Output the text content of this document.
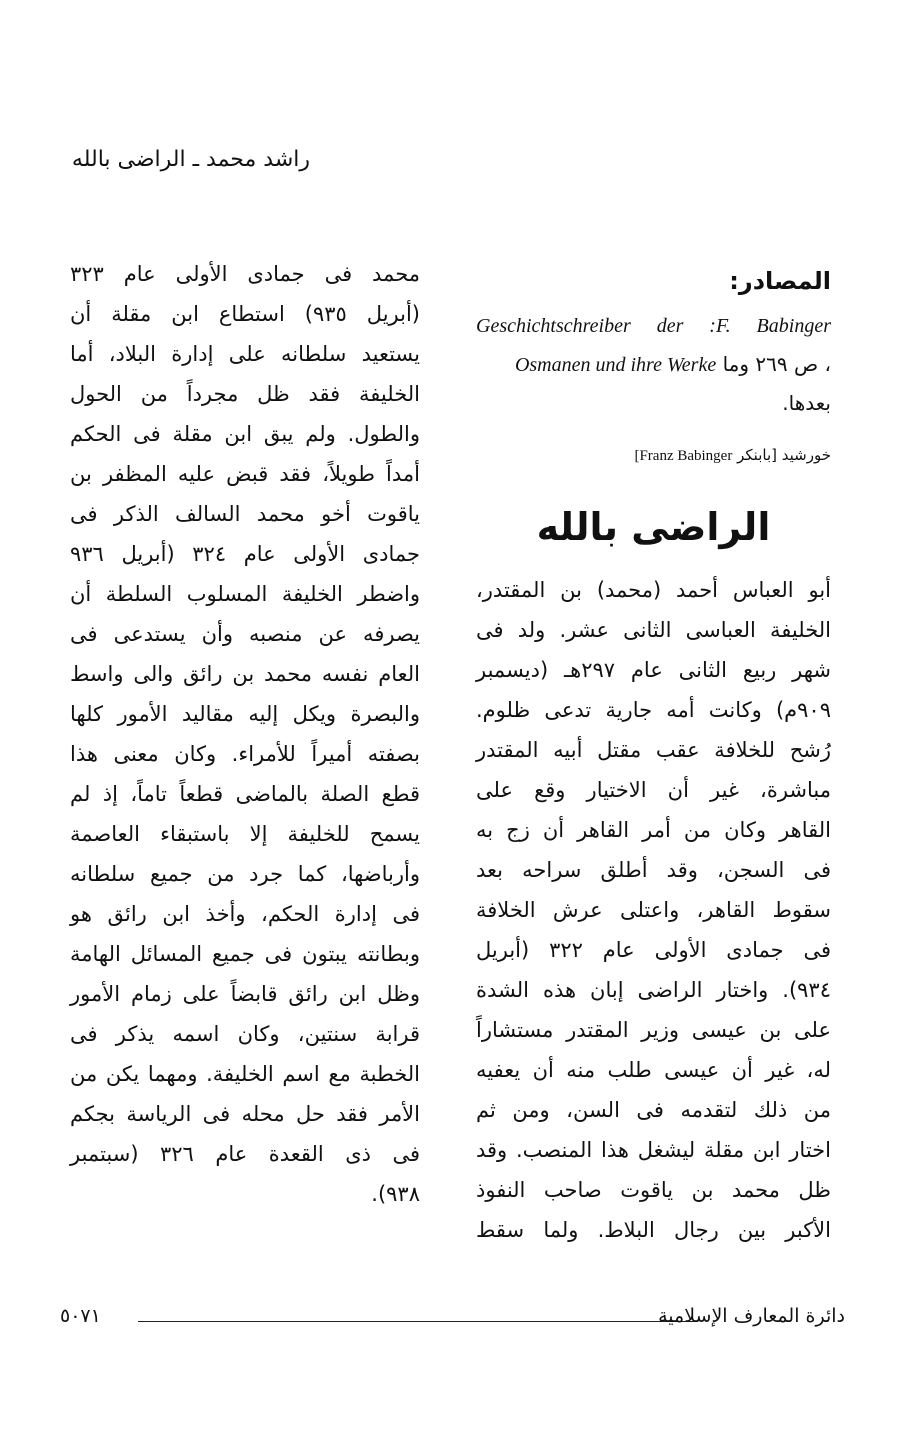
راشد محمد ـ الراضى بالله
المصادر:
Geschichtschreiber der :F. Babinger
، ص ٢٦٩ وما Osmanen und ihre Werke
بعدها.
خورشيد [بابنكر Franz Babinger]
الراضى بالله
أبو العباس أحمد (محمد) بن المقتدر،
الخليفة العباسى الثانى عشر. ولد فى
شهر ربيع الثانى عام ٢٩٧هـ (ديسمبر
٩٠٩م) وكانت أمه جارية تدعى ظلوم.
رُشح للخلافة عقب مقتل أبيه المقتدر
مباشرة، غير أن الاختيار وقع على
القاهر وكان من أمر القاهر أن زج به
فى السجن، وقد أطلق سراحه بعد
سقوط القاهر، واعتلى عرش الخلافة
فى جمادى الأولى عام ٣٢٢ (أبريل
٩٣٤). واختار الراضى إبان هذه الشدة
على بن عيسى وزير المقتدر مستشاراً
له، غير أن عيسى طلب منه أن يعفيه
من ذلك لتقدمه فى السن، ومن ثم
اختار ابن مقلة ليشغل هذا المنصب. وقد
ظل محمد بن ياقوت صاحب النفوذ
الأكبر بين رجال البلاط. ولما سقط
محمد فى جمادى الأولى عام ٣٢٣
(أبريل ٩٣٥) استطاع ابن مقلة أن
يستعيد سلطانه على إدارة البلاد، أما
الخليفة فقد ظل مجرداً من الحول
والطول. ولم يبق ابن مقلة فى الحكم
أمداً طويلاً، فقد قبض عليه المظفر بن
ياقوت أخو محمد السالف الذكر فى
جمادى الأولى عام ٣٢٤ (أبريل ٩٣٦
واضطر الخليفة المسلوب السلطة أن
يصرفه عن منصبه وأن يستدعى فى
العام نفسه محمد بن رائق والى واسط
والبصرة ويكل إليه مقاليد الأمور كلها
بصفته أميراً للأمراء. وكان معنى هذا
قطع الصلة بالماضى قطعاً تاماً، إذ لم
يسمح للخليفة إلا باستبقاء العاصمة
وأرباضها، كما جرد من جميع سلطانه
فى إدارة الحكم، وأخذ ابن رائق هو
وبطانته يبتون فى جميع المسائل الهامة
وظل ابن رائق قابضاً على زمام الأمور
قرابة سنتين، وكان اسمه يذكر فى
الخطبة مع اسم الخليفة. ومهما يكن من
الأمر فقد حل محله فى الرياسة بجكم
فى ذى القعدة عام ٣٢٦ (سبتمبر
٩٣٨).
٥٠٧١	دائرة المعارف الإسلامية
